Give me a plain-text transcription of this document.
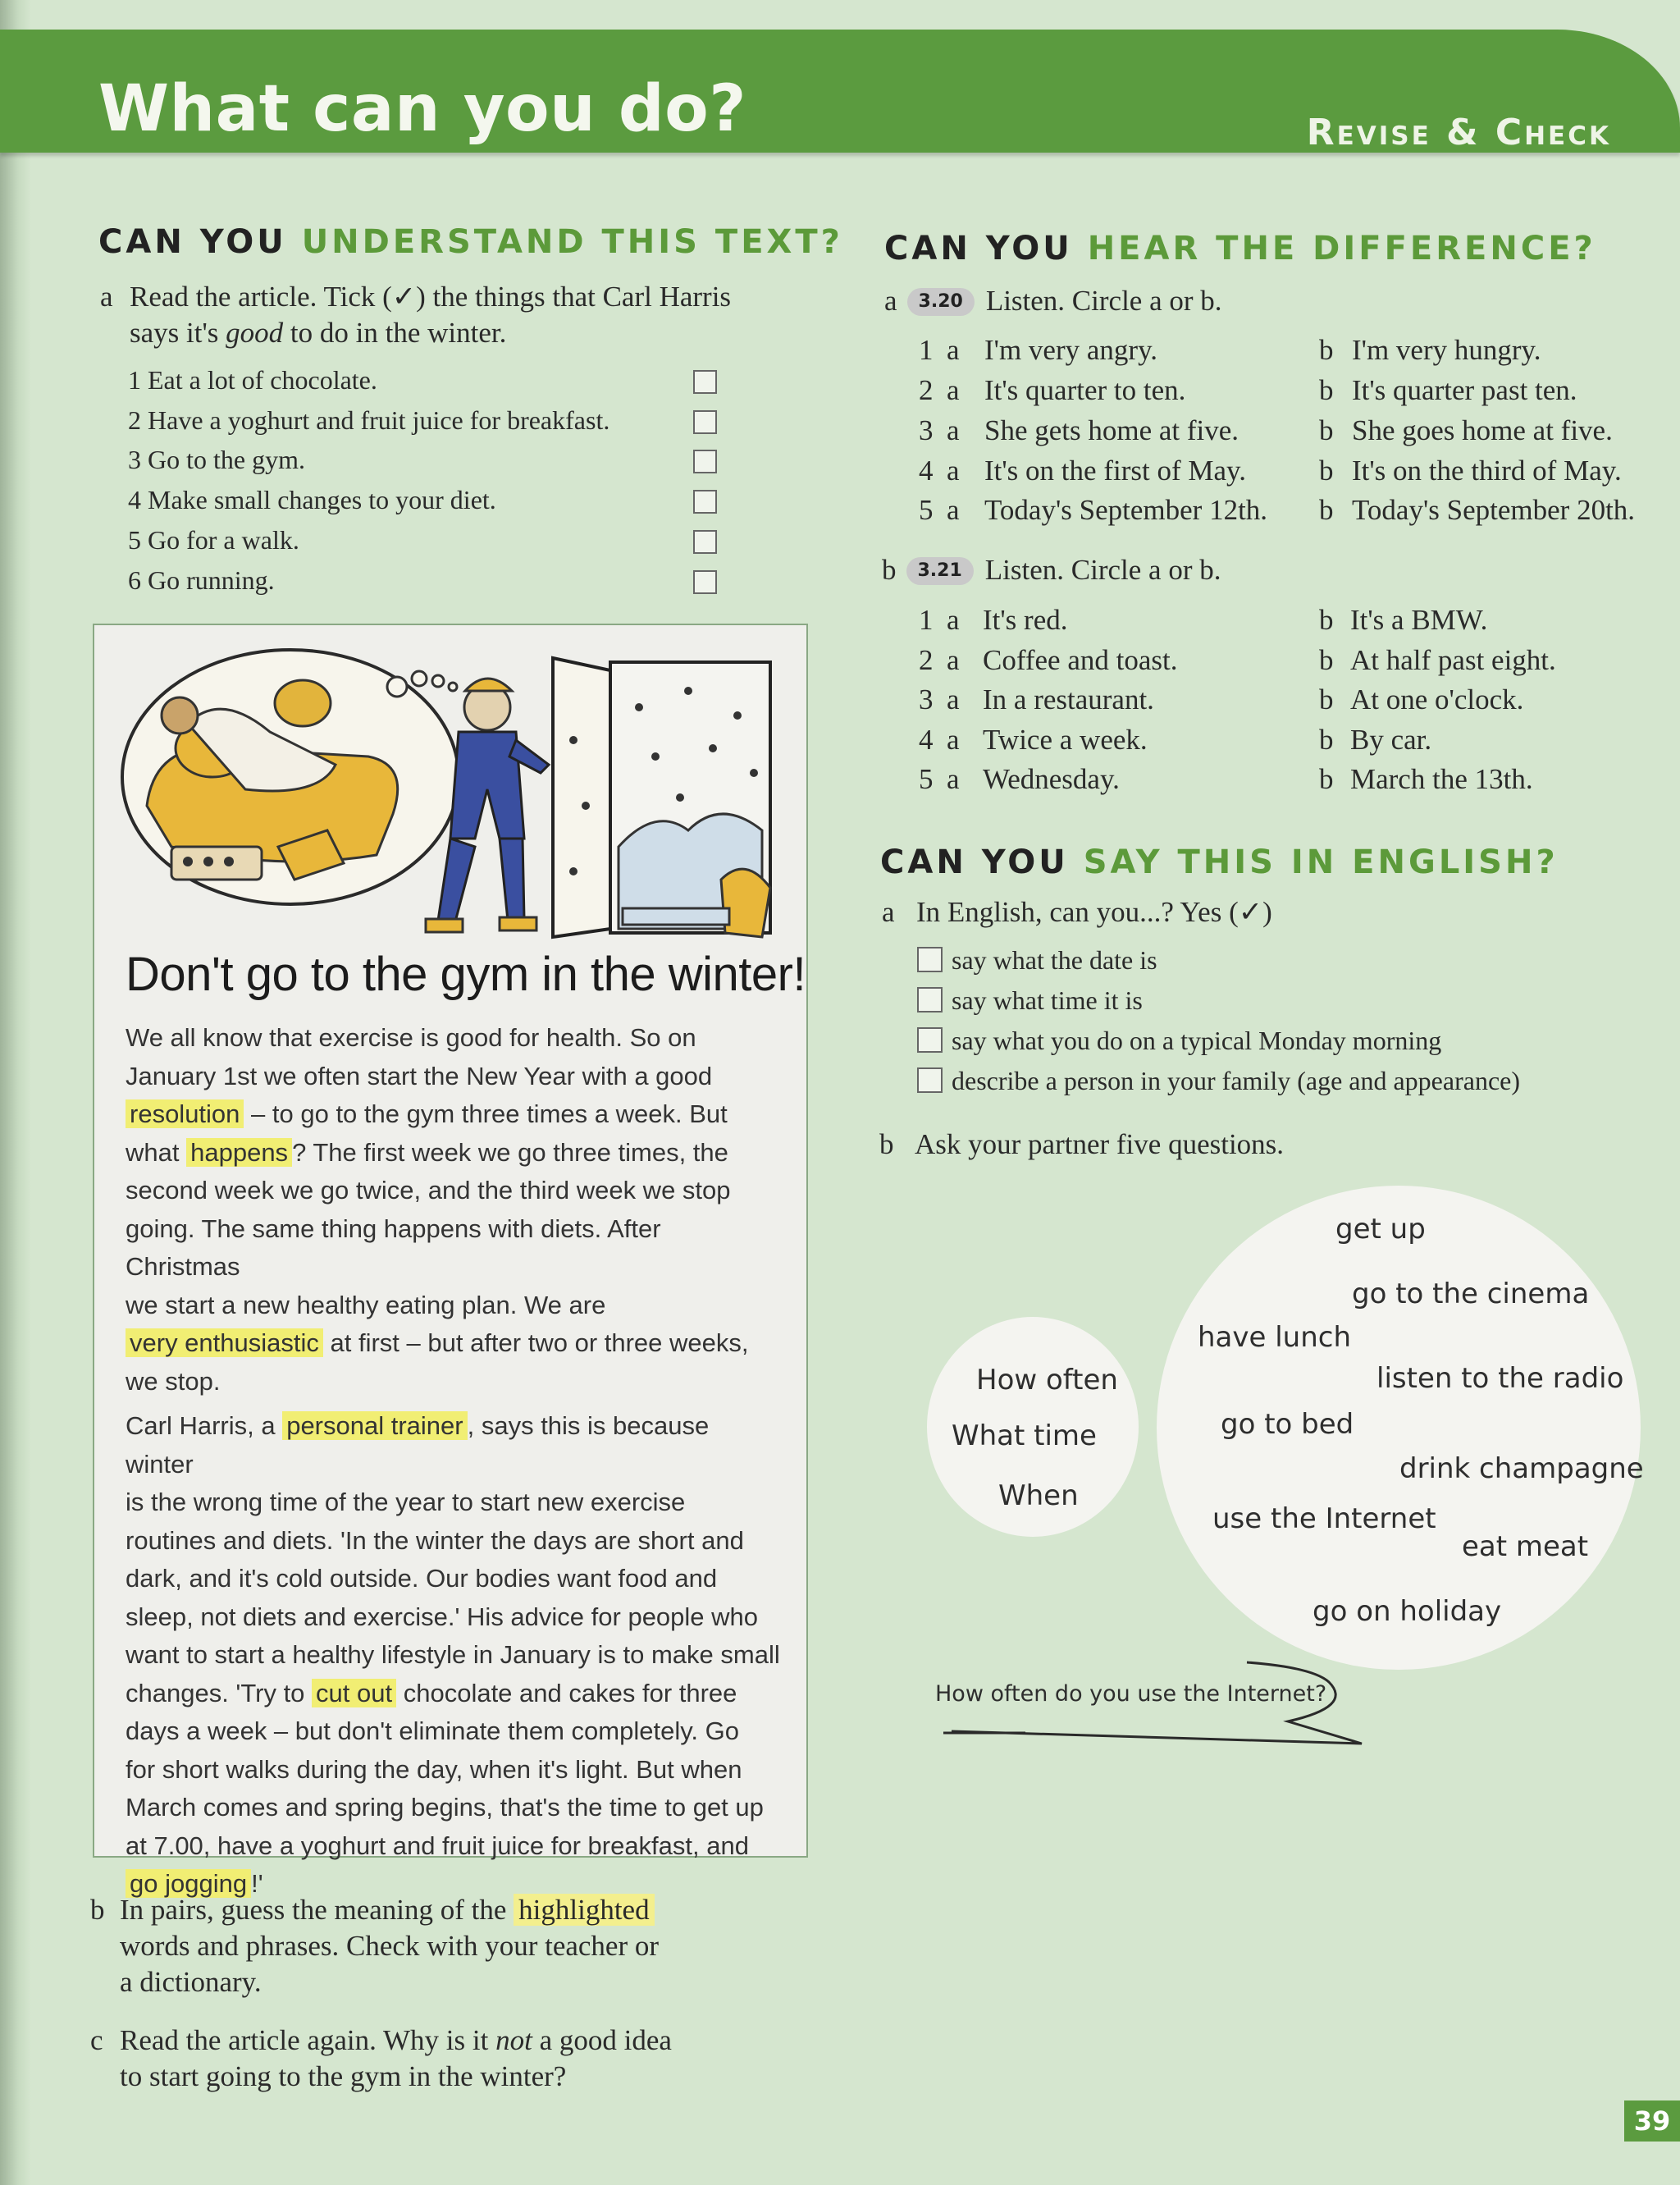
What can you do?	Revise & Check
CAN YOU UNDERSTAND THIS TEXT?
a Read the article. Tick (✓) the things that Carl Harris
says it's good to do in the winter.
1 Eat a lot of chocolate.
2 Have a yoghurt and fruit juice for breakfast.
3 Go to the gym.
4 Make small changes to your diet.
5 Go for a walk.
6 Go running.
Don't go to the gym in the winter!

We all know that exercise is good for health. So on
January 1st we often start the New Year with a good
resolution – to go to the gym three times a week. But
what happens ? The first week we go three times, the
second week we go twice, and the third week we stop
going. The same thing happens with diets. After Christmas
we start a new healthy eating plan. We are
very enthusiastic at first – but after two or three weeks,
we stop.

Carl Harris, a personal trainer , says this is because winter
is the wrong time of the year to start new exercise
routines and diets. 'In the winter the days are short and
dark, and it's cold outside. Our bodies want food and
sleep, not diets and exercise.' His advice for people who
want to start a healthy lifestyle in January is to make small
changes. 'Try to cut out chocolate and cakes for three
days a week – but don't eliminate them completely. Go
for short walks during the day, when it's light. But when
March comes and spring begins, that's the time to get up
at 7.00, have a yoghurt and fruit juice for breakfast, and
go jogging !'

b In pairs, guess the meaning of the highlighted
words and phrases. Check with your teacher or
a dictionary.
c Read the article again. Why is it not a good idea
to start going to the gym in the winter?
CAN YOU HEAR THE DIFFERENCE?
a 3.20 Listen. Circle a or b.
1 a I'm very angry.	b I'm very hungry.
2 a It's quarter to ten.	b It's quarter past ten.
3 a She gets home at five.	b She goes home at five.
4 a It's on the first of May.	b It's on the third of May.
5 a Today's September 12th. b Today's September 20th.
b 3.21 Listen. Circle a or b.
1 a It's red.	b It's a BMW.
2 a Coffee and toast.	b At half past eight.
3 a In a restaurant.	b At one o'clock.
4 a Twice a week.	b By car.
5 a Wednesday.	b March the 13th.
CAN YOU SAY THIS IN ENGLISH?
a In English, can you...? Yes (✓)
say what the date is
say what time it is
say what you do on a typical Monday morning
describe a person in your family (age and appearance)
b Ask your partner five questions.
How often
What time
When
get up
go to the cinema
have lunch
listen to the radio
go to bed
drink champagne
use the Internet
eat meat
go on holiday
How often do you use the Internet?
39
